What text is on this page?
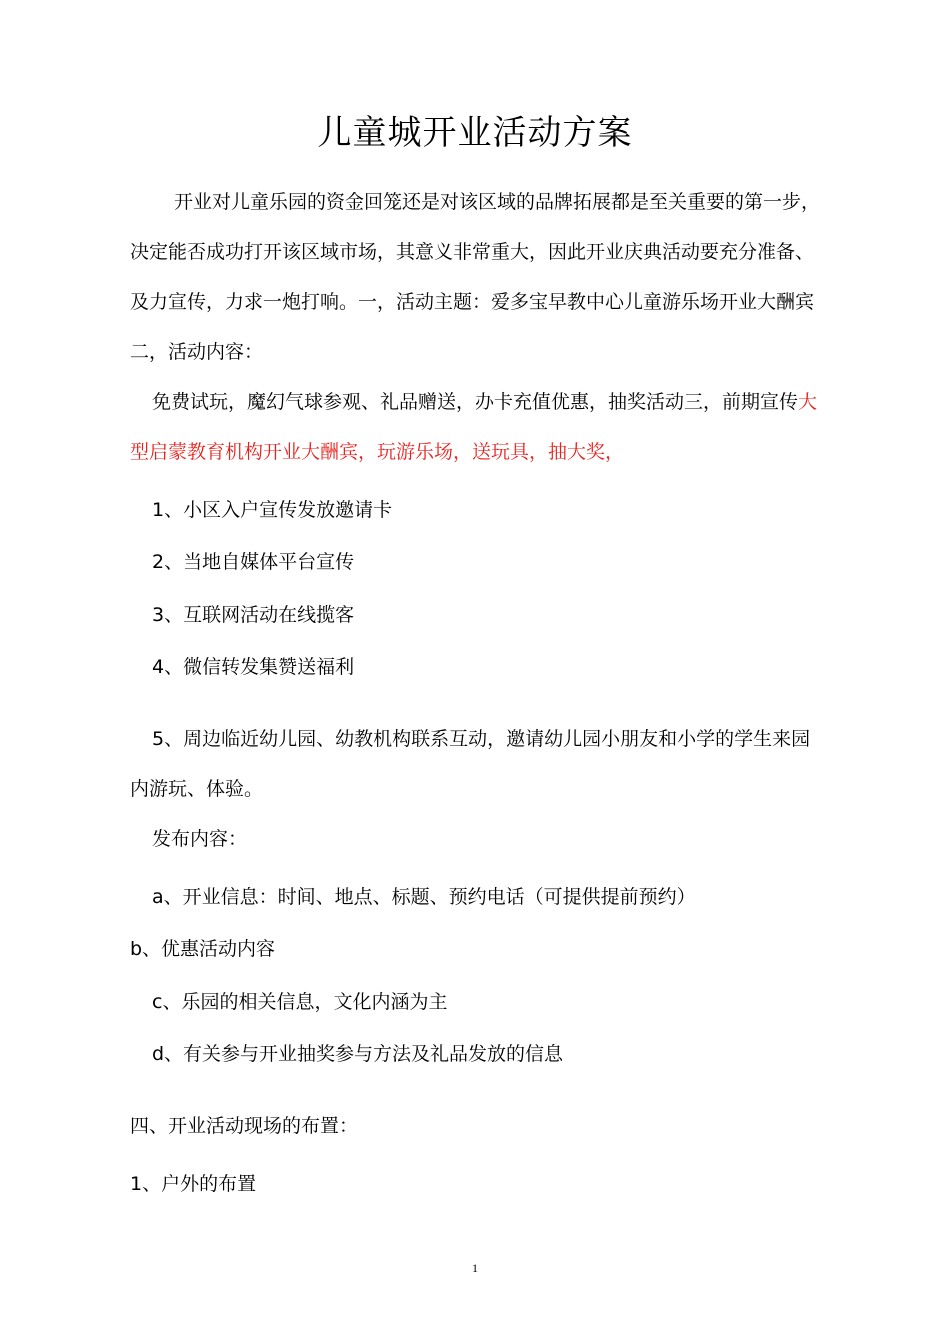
儿童城开业活动方案
开业对儿童乐园的资金回笼还是对该区域的品牌拓展都是至关重要的第一步，
决定能否成功打开该区域市场，其意义非常重大，因此开业庆典活动要充分准备、
及力宣传，力求一炮打响。一，活动主题：爱多宝早教中心儿童游乐场开业大酬宾
二，活动内容：
免费试玩，魔幻气球参观、礼品赠送，办卡充值优惠，抽奖活动三，前期宣传大
型启蒙教育机构开业大酬宾，玩游乐场，送玩具，抽大奖，
1、小区入户宣传发放邀请卡
2、当地自媒体平台宣传
3、互联网活动在线揽客
4、微信转发集赞送福利
5、周边临近幼儿园、幼教机构联系互动，邀请幼儿园小朋友和小学的学生来园
内游玩、体验。
发布内容：
a、开业信息：时间、地点、标题、预约电话（可提供提前预约）
b、优惠活动内容
c、乐园的相关信息，文化内涵为主
d、有关参与开业抽奖参与方法及礼品发放的信息
四、开业活动现场的布置：
1、户外的布置
1
